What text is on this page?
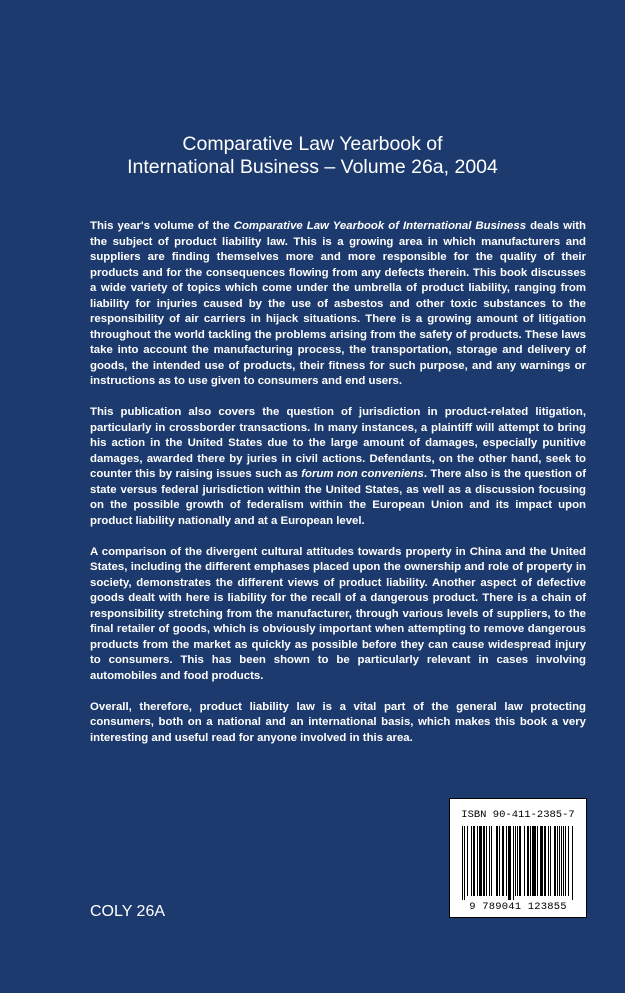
Comparative Law Yearbook of
International Business – Volume 26a, 2004

This year's volume of the Comparative Law Yearbook of International Business deals with the subject of product liability law. This is a growing area in which manufacturers and suppliers are finding themselves more and more responsible for the quality of their products and for the consequences flowing from any defects therein. This book discusses a wide variety of topics which come under the umbrella of product liability, ranging from liability for injuries caused by the use of asbestos and other toxic substances to the responsibility of air carriers in hijack situations. There is a growing amount of litigation throughout the world tackling the problems arising from the safety of products. These laws take into account the manufacturing process, the transportation, storage and delivery of goods, the intended use of products, their fitness for such purpose, and any warnings or instructions as to use given to consumers and end users.

This publication also covers the question of jurisdiction in product-related litigation, particularly in crossborder transactions. In many instances, a plaintiff will attempt to bring his action in the United States due to the large amount of damages, especially punitive damages, awarded there by juries in civil actions. Defendants, on the other hand, seek to counter this by raising issues such as forum non conveniens. There also is the question of state versus federal jurisdiction within the United States, as well as a discussion focusing on the possible growth of federalism within the European Union and its impact upon product liability nationally and at a European level.

A comparison of the divergent cultural attitudes towards property in China and the United States, including the different emphases placed upon the ownership and role of property in society, demonstrates the different views of product liability. Another aspect of defective goods dealt with here is liability for the recall of a dangerous product. There is a chain of responsibility stretching from the manufacturer, through various levels of suppliers, to the final retailer of goods, which is obviously important when attempting to remove dangerous products from the market as quickly as possible before they can cause widespread injury to consumers. This has been shown to be particularly relevant in cases involving automobiles and food products.

Overall, therefore, product liability law is a vital part of the general law protecting consumers, both on a national and an international basis, which makes this book a very interesting and useful read for anyone involved in this area.

COLY 26A
ISBN 90-411-2385-7
9 789041 123855
